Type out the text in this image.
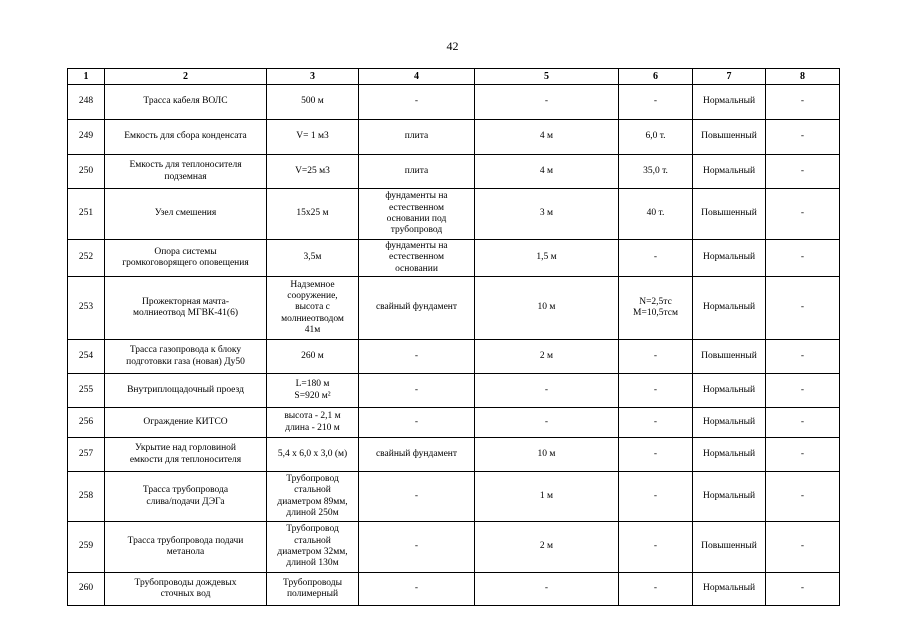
42
1	2	3	4	5	6	7	8
248	Трасса кабеля ВОЛС	500 м	-	-	-	Нормальный	-
249	Емкость для сбора конденсата	V= 1 м3	плита	4 м	6,0 т.	Повышенный	-
250	Емкость для теплоносителя
подземная	V=25 м3	плита	4 м	35,0 т.	Нормальный	-
251	Узел смешения	15х25 м	фундаменты на
естественном
основании под
трубопровод	3 м	40 т.	Повышенный	-
252	Опора системы
громкоговорящего оповещения	3,5м	фундаменты на
естественном
основании	1,5 м	-	Нормальный	-
253	Прожекторная мачта-
молниеотвод МГВК-41(6)	Надземное
сооружение,
высота с
молниеотводом
41м	свайный фундамент	10 м	N=2,5тс
М=10,5тсм	Нормальный	-
254	Трасса газопровода к блоку
подготовки газа (новая) Ду50	260 м	-	2 м	-	Повышенный	-
255	Внутриплощадочный проезд	L=180 м
S=920 м²	-	-	-	Нормальный	-
256	Ограждение КИТСО	высота - 2,1 м
длина - 210 м	-	-	-	Нормальный	-
257	Укрытие над горловиной
емкости для теплоносителя	5,4 х 6,0 х 3,0 (м)	свайный фундамент	10 м	-	Нормальный	-
258	Трасса трубопровода
слива/подачи ДЭГа	Трубопровод
стальной
диаметром 89мм,
длиной 250м	-	1 м	-	Нормальный	-
259	Трасса трубопровода подачи
метанола	Трубопровод
стальной
диаметром 32мм,
длиной 130м	-	2 м	-	Повышенный	-
260	Трубопроводы дождевых
сточных вод	Трубопроводы
полимерный	-	-	-	Нормальный	-
